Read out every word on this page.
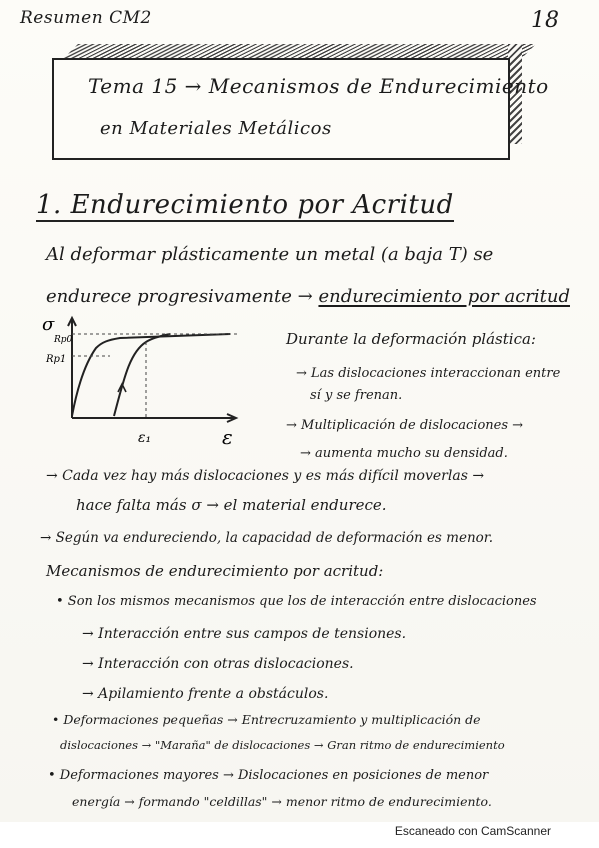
Resumen CM2	18
Tema 15 → Mecanismos de Endurecimiento
en Materiales Metálicos
1. Endurecimiento por Acritud
Al deformar plásticamente un metal (a baja T) se
endurece progresivamente → endurecimiento por acritud
σ
Rp0
Rp1
ε₁	ε
Durante la deformación plástica:
→ Las dislocaciones interaccionan entre
sí y se frenan.
→ Multiplicación de dislocaciones →
→ aumenta mucho su densidad.
→ Cada vez hay más dislocaciones y es más difícil moverlas →
hace falta más σ → el material endurece.
→ Según va endureciendo, la capacidad de deformación es menor.
Mecanismos de endurecimiento por acritud:
• Son los mismos mecanismos que los de interacción entre dislocaciones
→ Interacción entre sus campos de tensiones.
→ Interacción con otras dislocaciones.
→ Apilamiento frente a obstáculos.
• Deformaciones pequeñas → Entrecruzamiento y multiplicación de
dislocaciones → "Maraña" de dislocaciones → Gran ritmo de endurecimiento
• Deformaciones mayores → Dislocaciones en posiciones de menor
energía → formando "celdillas" → menor ritmo de endurecimiento.
Escaneado con CamScanner
